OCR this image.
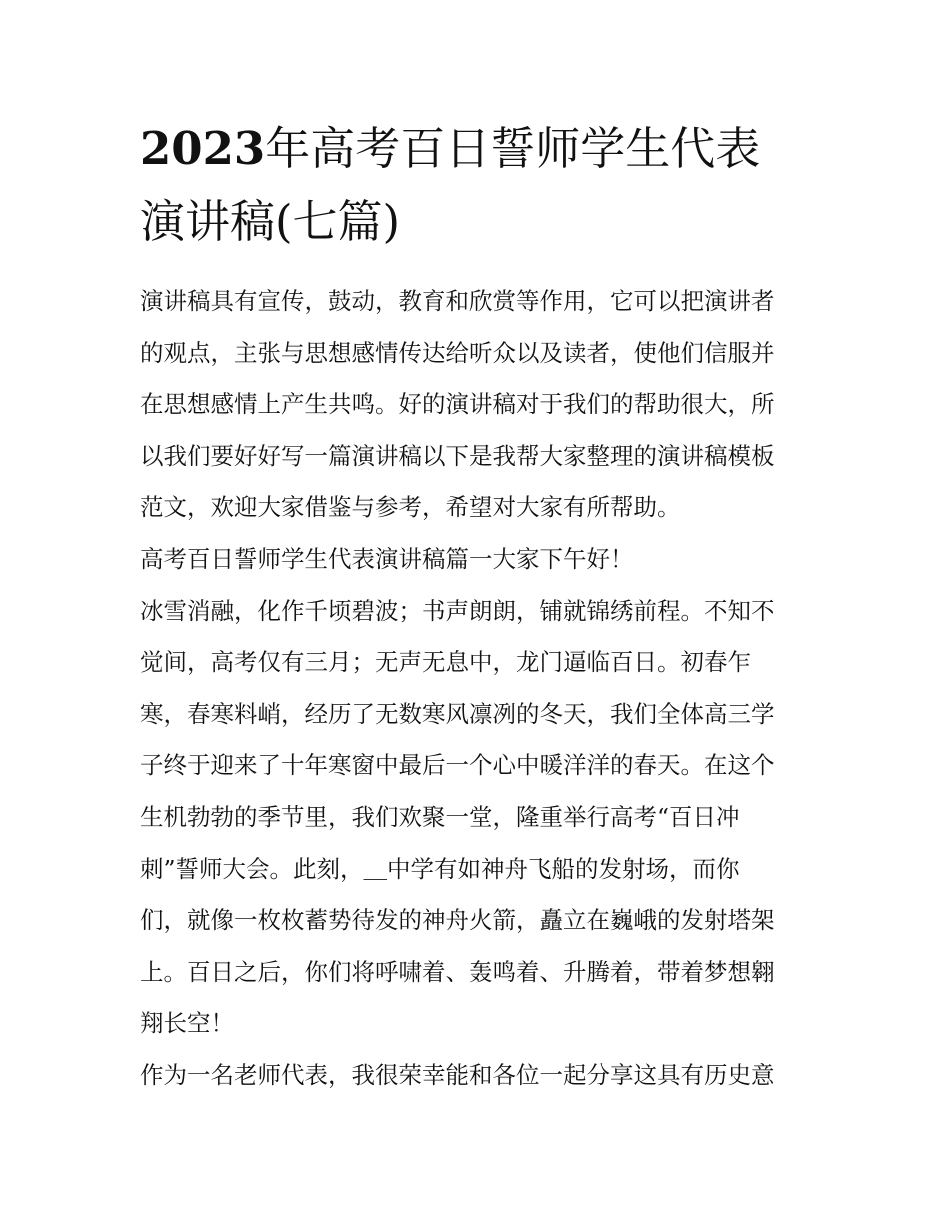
2023年高考百日誓师学生代表
演讲稿(七篇)
演讲稿具有宣传，鼓动，教育和欣赏等作用，它可以把演讲者
的观点，主张与思想感情传达给听众以及读者，使他们信服并
在思想感情上产生共鸣。好的演讲稿对于我们的帮助很大，所
以我们要好好写一篇演讲稿以下是我帮大家整理的演讲稿模板
范文，欢迎大家借鉴与参考，希望对大家有所帮助。
高考百日誓师学生代表演讲稿篇一大家下午好！
冰雪消融，化作千顷碧波；书声朗朗，铺就锦绣前程。不知不
觉间，高考仅有三月；无声无息中，龙门逼临百日。初春乍
寒，春寒料峭，经历了无数寒风凛冽的冬天，我们全体高三学
子终于迎来了十年寒窗中最后一个心中暖洋洋的春天。在这个
生机勃勃的季节里，我们欢聚一堂，隆重举行高考“百日冲
刺”誓师大会。此刻，＿中学有如神舟飞船的发射场，而你
们，就像一枚枚蓄势待发的神舟火箭，矗立在巍峨的发射塔架
上。百日之后，你们将呼啸着、轰鸣着、升腾着，带着梦想翱
翔长空！
作为一名老师代表，我很荣幸能和各位一起分享这具有历史意
